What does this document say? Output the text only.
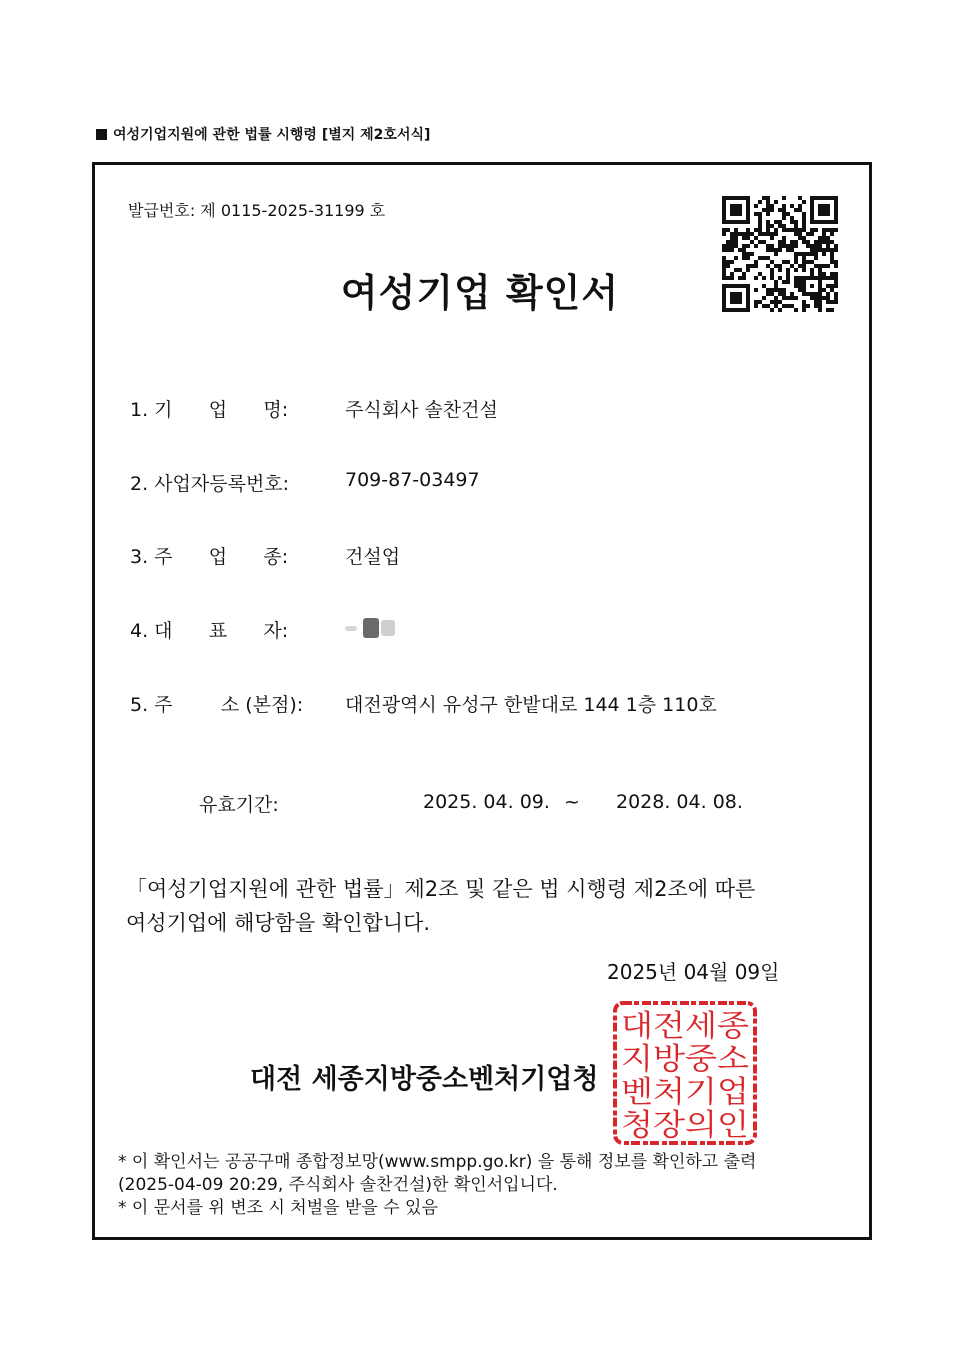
여성기업지원에 관한 법률 시행령 [별지 제2호서식]
발급번호: 제 0115-2025-31199 호
여성기업 확인서
1. 기      업      명:	주식회사 솔찬건설
2. 사업자등록번호:	709-87-03497
3. 주      업      종:	건설업
4. 대      표      자:
5. 주        소 (본점): 대전광역시 유성구 한밭대로 144 1층 110호
유효기간:	2025. 04. 09. ~ 2028. 04. 08.
「여성기업지원에 관한 법률」제2조 및 같은 법 시행령 제2조에 따른
여성기업에 해당함을 확인합니다.
2025년 04월 09일
대전 세종지방중소벤처기업청
대전세종
지방중소
벤처기업
청장의인
* 이 확인서는 공공구매 종합정보망(www.smpp.go.kr) 을 통해 정보를 확인하고 출력
(2025-04-09 20:29, 주식회사 솔찬건설)한 확인서입니다.
* 이 문서를 위 변조 시 처벌을 받을 수 있음
